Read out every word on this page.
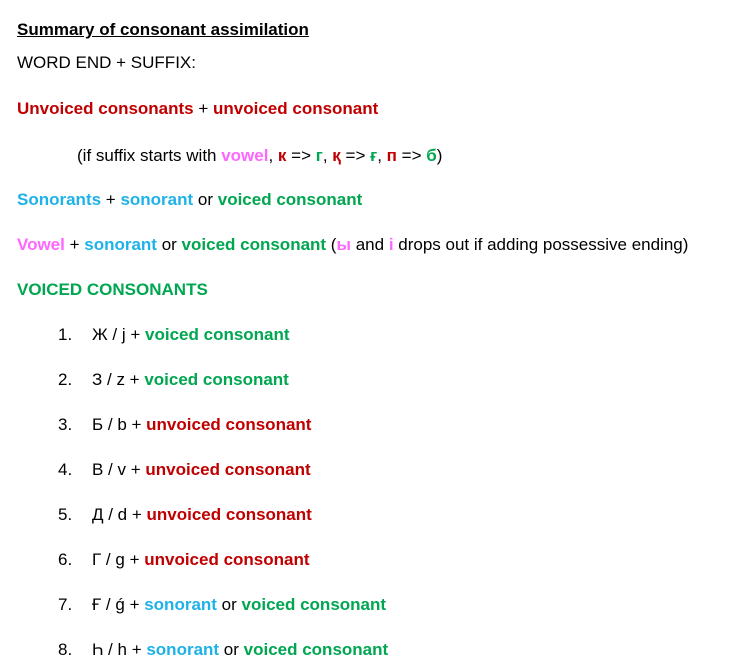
Summary of consonant assimilation
WORD END + SUFFIX:
Unvoiced consonants + unvoiced consonant
(if suffix starts with vowel, к => г, қ => ғ, п => б)
Sonorants + sonorant or voiced consonant
Vowel + sonorant or voiced consonant (ы and і drops out if adding possessive ending)
VOICED CONSONANTS
1. Ж / j + voiced consonant
2. З / z + voiced consonant
3. Б / b + unvoiced consonant
4. В / v + unvoiced consonant
5. Д / d + unvoiced consonant
6. Г / g + unvoiced consonant
7. Ғ / ǵ + sonorant or voiced consonant
8. Һ / h + sonorant or voiced consonant
